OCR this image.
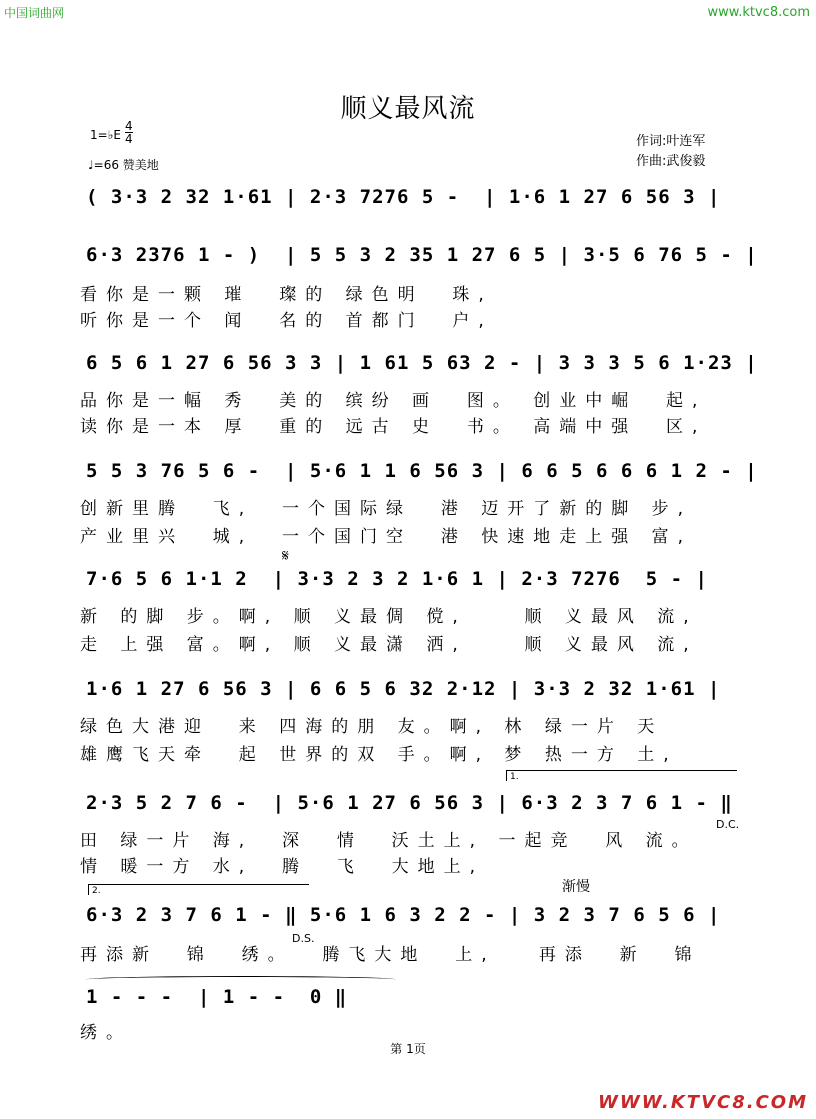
中国词曲网	www.ktvc8.com
顺义最风流
作词:叶连军
作曲:武俊毅
1=♭E
4
4
♩=66 赞美地
( 3·3 2 32 1·61 | 2·3 7276 5 -  | 1·6 1 27 6 56 3 |
6·3 2376 1 - )  | 5 5 3 2 35 1 27 6 5 | 3·5 6 76 5 - |
看你是一颗 璀  璨的 绿色明  珠,
听你是一个 闻  名的 首都门  户,
6 5 6 1 27 6 56 3 3 | 1 61 5 63 2 - | 3 3 3 5 6 1·23 |
品你是一幅 秀  美的 缤纷 画  图。 创业中崛  起,
读你是一本 厚  重的 远古 史  书。 高端中强  区,
5 5 3 76 5 6 -  | 5·6 1 1 6 56 3 | 6 6 5 6 6 6 1 2 - |
创新里腾  飞,  一个国际绿  港 迈开了新的脚 步,
产业里兴  城,  一个国门空  港 快速地走上强 富,
𝄋
7·6 5 6 1·1 2  | 3·3 2 3 2 1·6 1 | 2·3 7276  5 - |
新 的脚 步。啊, 顺 义最倜 傥,    顺 义最风 流,
走 上强 富。啊, 顺 义最潇 洒,    顺 义最风 流,
1·6 1 27 6 56 3 | 6 6 5 6 32 2·12 | 3·3 2 32 1·61 |
绿色大港迎  来 四海的朋 友。啊, 林 绿一片 天
雄鹰飞天牵  起 世界的双 手。啊, 梦 热一方 土,
1.
2·3 5 2 7 6 -  | 5·6 1 27 6 56 3 | 6·3 2 3 7 6 1 - ‖
D.C.
田 绿一片 海,  深  情  沃土上, 一起竞  风 流。
情 暖一方 水,  腾  飞  大地上,
2.	渐慢
6·3 2 3 7 6 1 - ‖ 5·6 1 6 3 2 2 - | 3 2 3 7 6 5 6 |
D.S.
再添新  锦  绣。  腾飞大地  上,   再添  新  锦
1 - - -  | 1 - -  0 ‖
绣。
第 1页
WWW.KTVC8.COM
